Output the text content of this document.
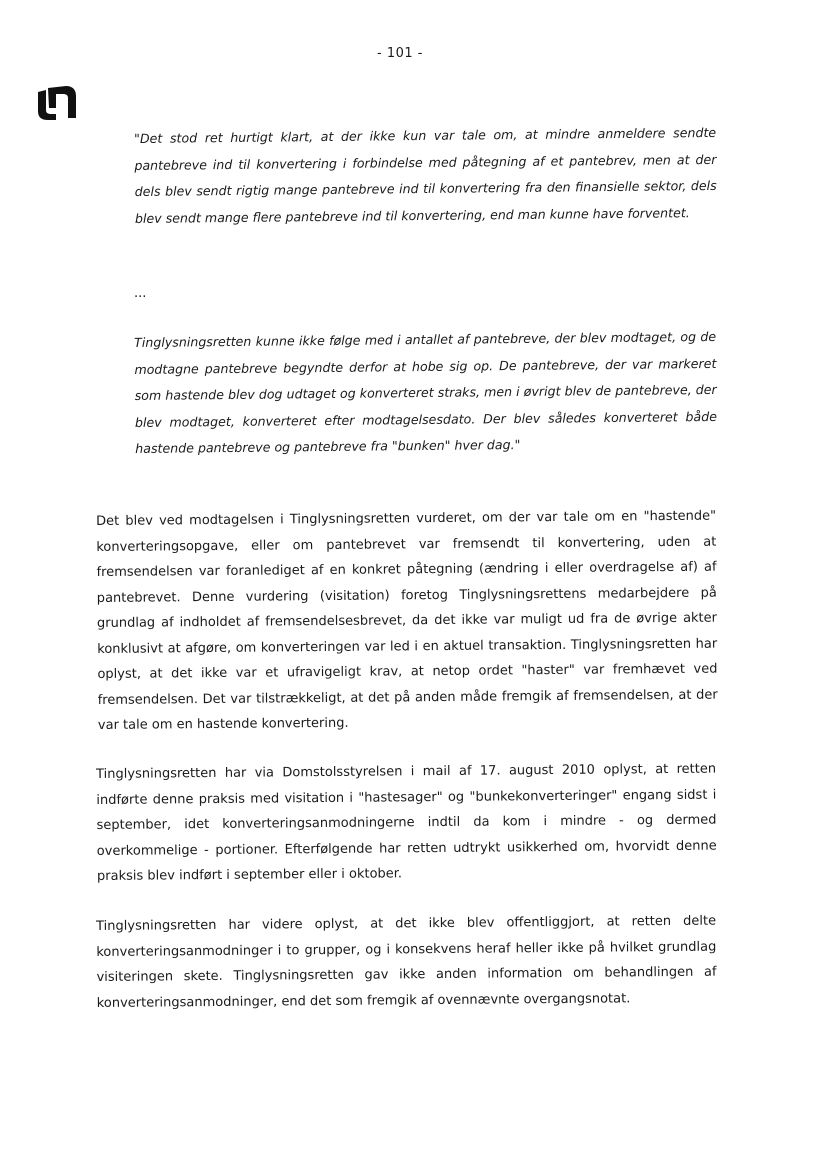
- 101 -

"Det stod ret hurtigt klart, at der ikke kun var tale om, at mindre anmeldere sendte pantebreve ind til konvertering i forbindelse med påtegning af et pantebrev, men at der dels blev sendt rigtig mange pantebreve ind til konvertering fra den finansielle sektor, dels blev sendt mange flere pantebreve ind til konvertering, end man kunne have forventet.

...

Tinglysningsretten kunne ikke følge med i antallet af pantebreve, der blev modtaget, og de modtagne pantebreve begyndte derfor at hobe sig op. De pantebreve, der var markeret som hastende blev dog udtaget og konverteret straks, men i øvrigt blev de pantebreve, der blev modtaget, konverteret efter modtagelsesdato. Der blev således konverteret både hastende pantebreve og pantebreve fra "bunken" hver dag."

Det blev ved modtagelsen i Tinglysningsretten vurderet, om der var tale om en "hastende" konverteringsopgave, eller om pantebrevet var fremsendt til konvertering, uden at fremsendelsen var foranlediget af en konkret påtegning (ændring i eller overdragelse af) af pantebrevet. Denne vurdering (visitation) foretog Tinglysningsrettens medarbejdere på grundlag af indholdet af fremsendelsesbrevet, da det ikke var muligt ud fra de øvrige akter konklusivt at afgøre, om konverteringen var led i en aktuel transaktion. Tinglysningsretten har oplyst, at det ikke var et ufravigeligt krav, at netop ordet "haster" var fremhævet ved fremsendelsen. Det var tilstrækkeligt, at det på anden måde fremgik af fremsendelsen, at der var tale om en hastende konvertering.

Tinglysningsretten har via Domstolsstyrelsen i mail af 17. august 2010 oplyst, at retten indførte denne praksis med visitation i "hastesager" og "bunkekonverteringer" engang sidst i september, idet konverteringsanmodningerne indtil da kom i mindre - og dermed overkommelige - portioner. Efterfølgende har retten udtrykt usikkerhed om, hvorvidt denne praksis blev indført i september eller i oktober.

Tinglysningsretten har videre oplyst, at det ikke blev offentliggjort, at retten delte konverteringsanmodninger i to grupper, og i konsekvens heraf heller ikke på hvilket grundlag visiteringen skete. Tinglysningsretten gav ikke anden information om behandlingen af konverteringsanmodninger, end det som fremgik af ovennævnte overgangsnotat.
